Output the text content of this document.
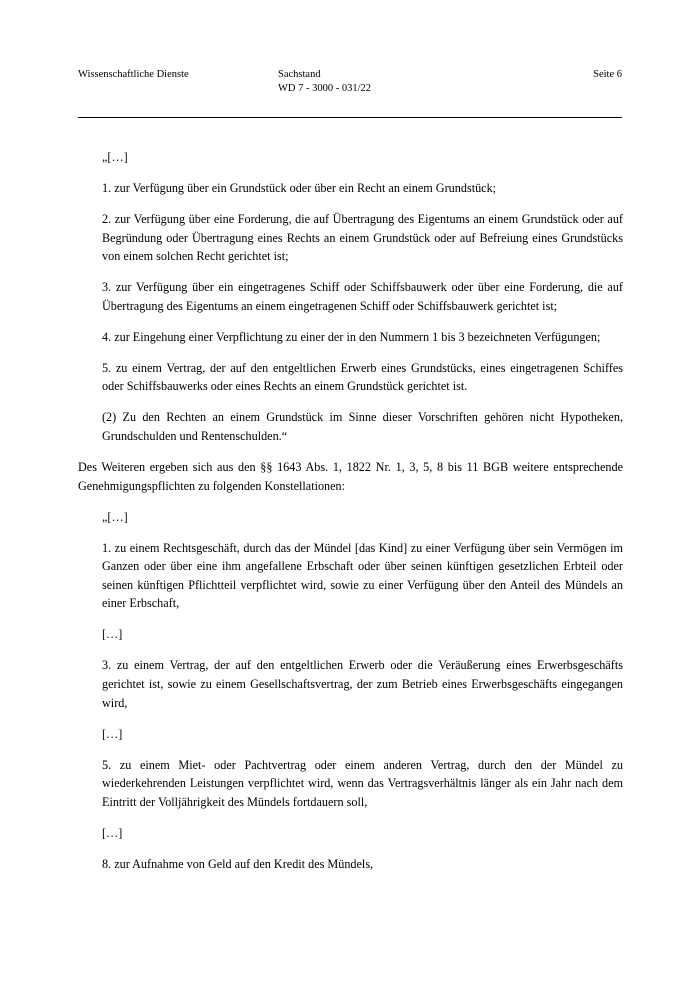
Wissenschaftliche Dienste	Sachstand
WD 7 - 3000 - 031/22
Seite 6

„[…]

1. zur Verfügung über ein Grundstück oder über ein Recht an einem Grundstück;

2. zur Verfügung über eine Forderung, die auf Übertragung des Eigentums an einem Grundstück oder auf Begründung oder Übertragung eines Rechts an einem Grundstück oder auf Befreiung eines Grundstücks von einem solchen Recht gerichtet ist;

3. zur Verfügung über ein eingetragenes Schiff oder Schiffsbauwerk oder über eine Forderung, die auf Übertragung des Eigentums an einem eingetragenen Schiff oder Schiffsbauwerk gerichtet ist;

4. zur Eingehung einer Verpflichtung zu einer der in den Nummern 1 bis 3 bezeichneten Verfügungen;

5. zu einem Vertrag, der auf den entgeltlichen Erwerb eines Grundstücks, eines eingetragenen Schiffes oder Schiffsbauwerks oder eines Rechts an einem Grundstück gerichtet ist.

(2) Zu den Rechten an einem Grundstück im Sinne dieser Vorschriften gehören nicht Hypotheken, Grundschulden und Rentenschulden.“

Des Weiteren ergeben sich aus den §§ 1643 Abs. 1, 1822 Nr. 1, 3, 5, 8 bis 11 BGB weitere entsprechende Genehmigungspflichten zu folgenden Konstellationen:

„[…]

1. zu einem Rechtsgeschäft, durch das der Mündel [das Kind] zu einer Verfügung über sein Vermögen im Ganzen oder über eine ihm angefallene Erbschaft oder über seinen künftigen gesetzlichen Erbteil oder seinen künftigen Pflichtteil verpflichtet wird, sowie zu einer Verfügung über den Anteil des Mündels an einer Erbschaft,

[…]

3. zu einem Vertrag, der auf den entgeltlichen Erwerb oder die Veräußerung eines Erwerbsgeschäfts gerichtet ist, sowie zu einem Gesellschaftsvertrag, der zum Betrieb eines Erwerbsgeschäfts eingegangen wird,

[…]

5. zu einem Miet- oder Pachtvertrag oder einem anderen Vertrag, durch den der Mündel zu wiederkehrenden Leistungen verpflichtet wird, wenn das Vertragsverhältnis länger als ein Jahr nach dem Eintritt der Volljährigkeit des Mündels fortdauern soll,

[…]

8. zur Aufnahme von Geld auf den Kredit des Mündels,
